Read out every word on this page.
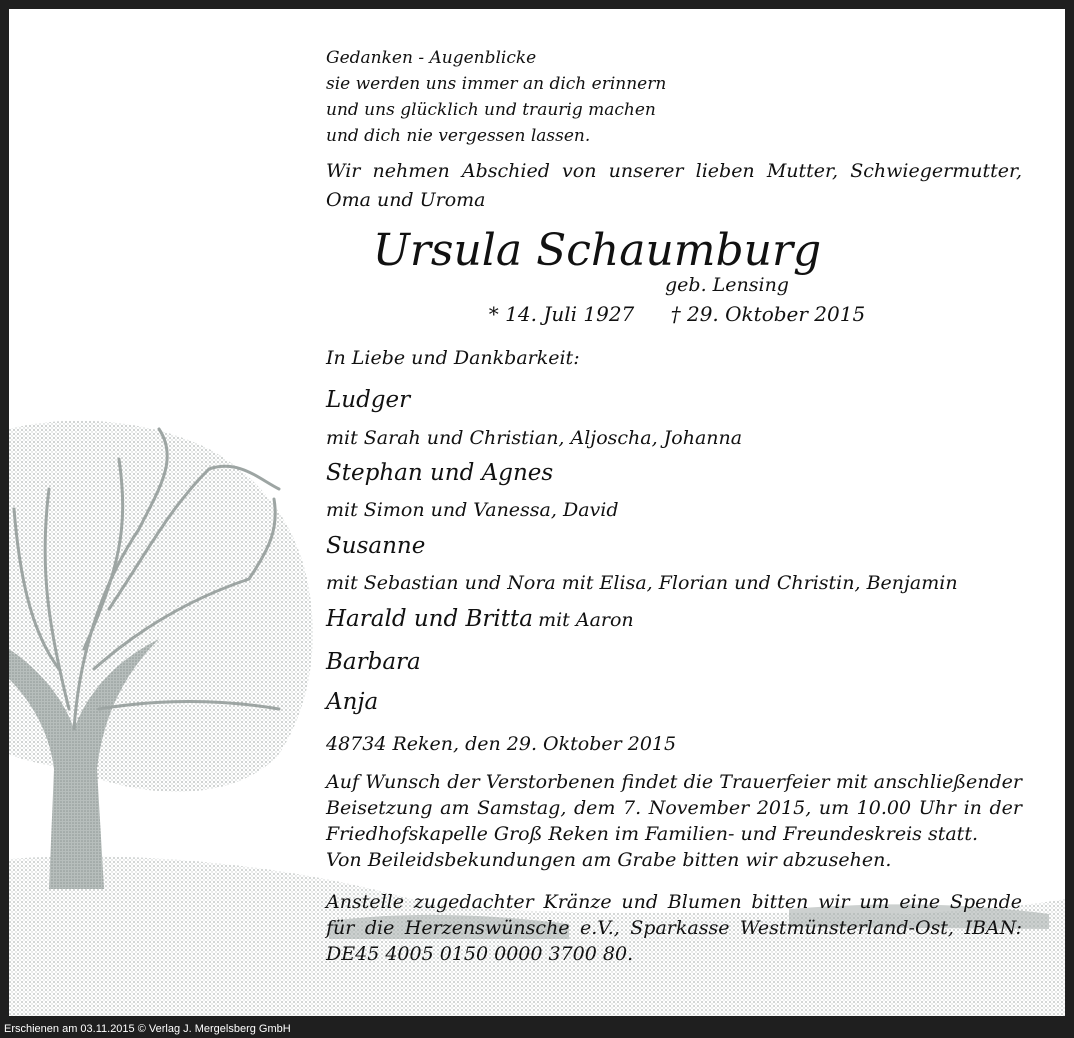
Gedanken - Augenblicke
sie werden uns immer an dich erinnern
und uns glücklich und traurig machen
und dich nie vergessen lassen.
Wir nehmen Abschied von unserer lieben Mutter, Schwiegermutter, Oma und Uroma
Ursula Schaumburg
geb. Lensing
* 14. Juli 1927 † 29. Oktober 2015
In Liebe und Dankbarkeit:
Ludger
mit Sarah und Christian, Aljoscha, Johanna
Stephan und Agnes
mit Simon und Vanessa, David
Susanne
mit Sebastian und Nora mit Elisa, Florian und Christin, Benjamin
Harald und Britta mit Aaron
Barbara
Anja
48734 Reken, den 29. Oktober 2015

Auf Wunsch der Verstorbenen findet die Trauerfeier mit anschließender Beisetzung am Samstag, dem 7. November 2015, um 10.00 Uhr in der Friedhofskapelle Groß Reken im Familien- und Freundeskreis statt.

Von Beileidsbekundungen am Grabe bitten wir abzusehen.

Anstelle zugedachter Kränze und Blumen bitten wir um eine Spende für die Herzenswünsche e.V., Sparkasse Westmünsterland-Ost, IBAN: DE45 4005 0150 0000 3700 80.
Erschienen am 03.11.2015 © Verlag J. Mergelsberg GmbH
